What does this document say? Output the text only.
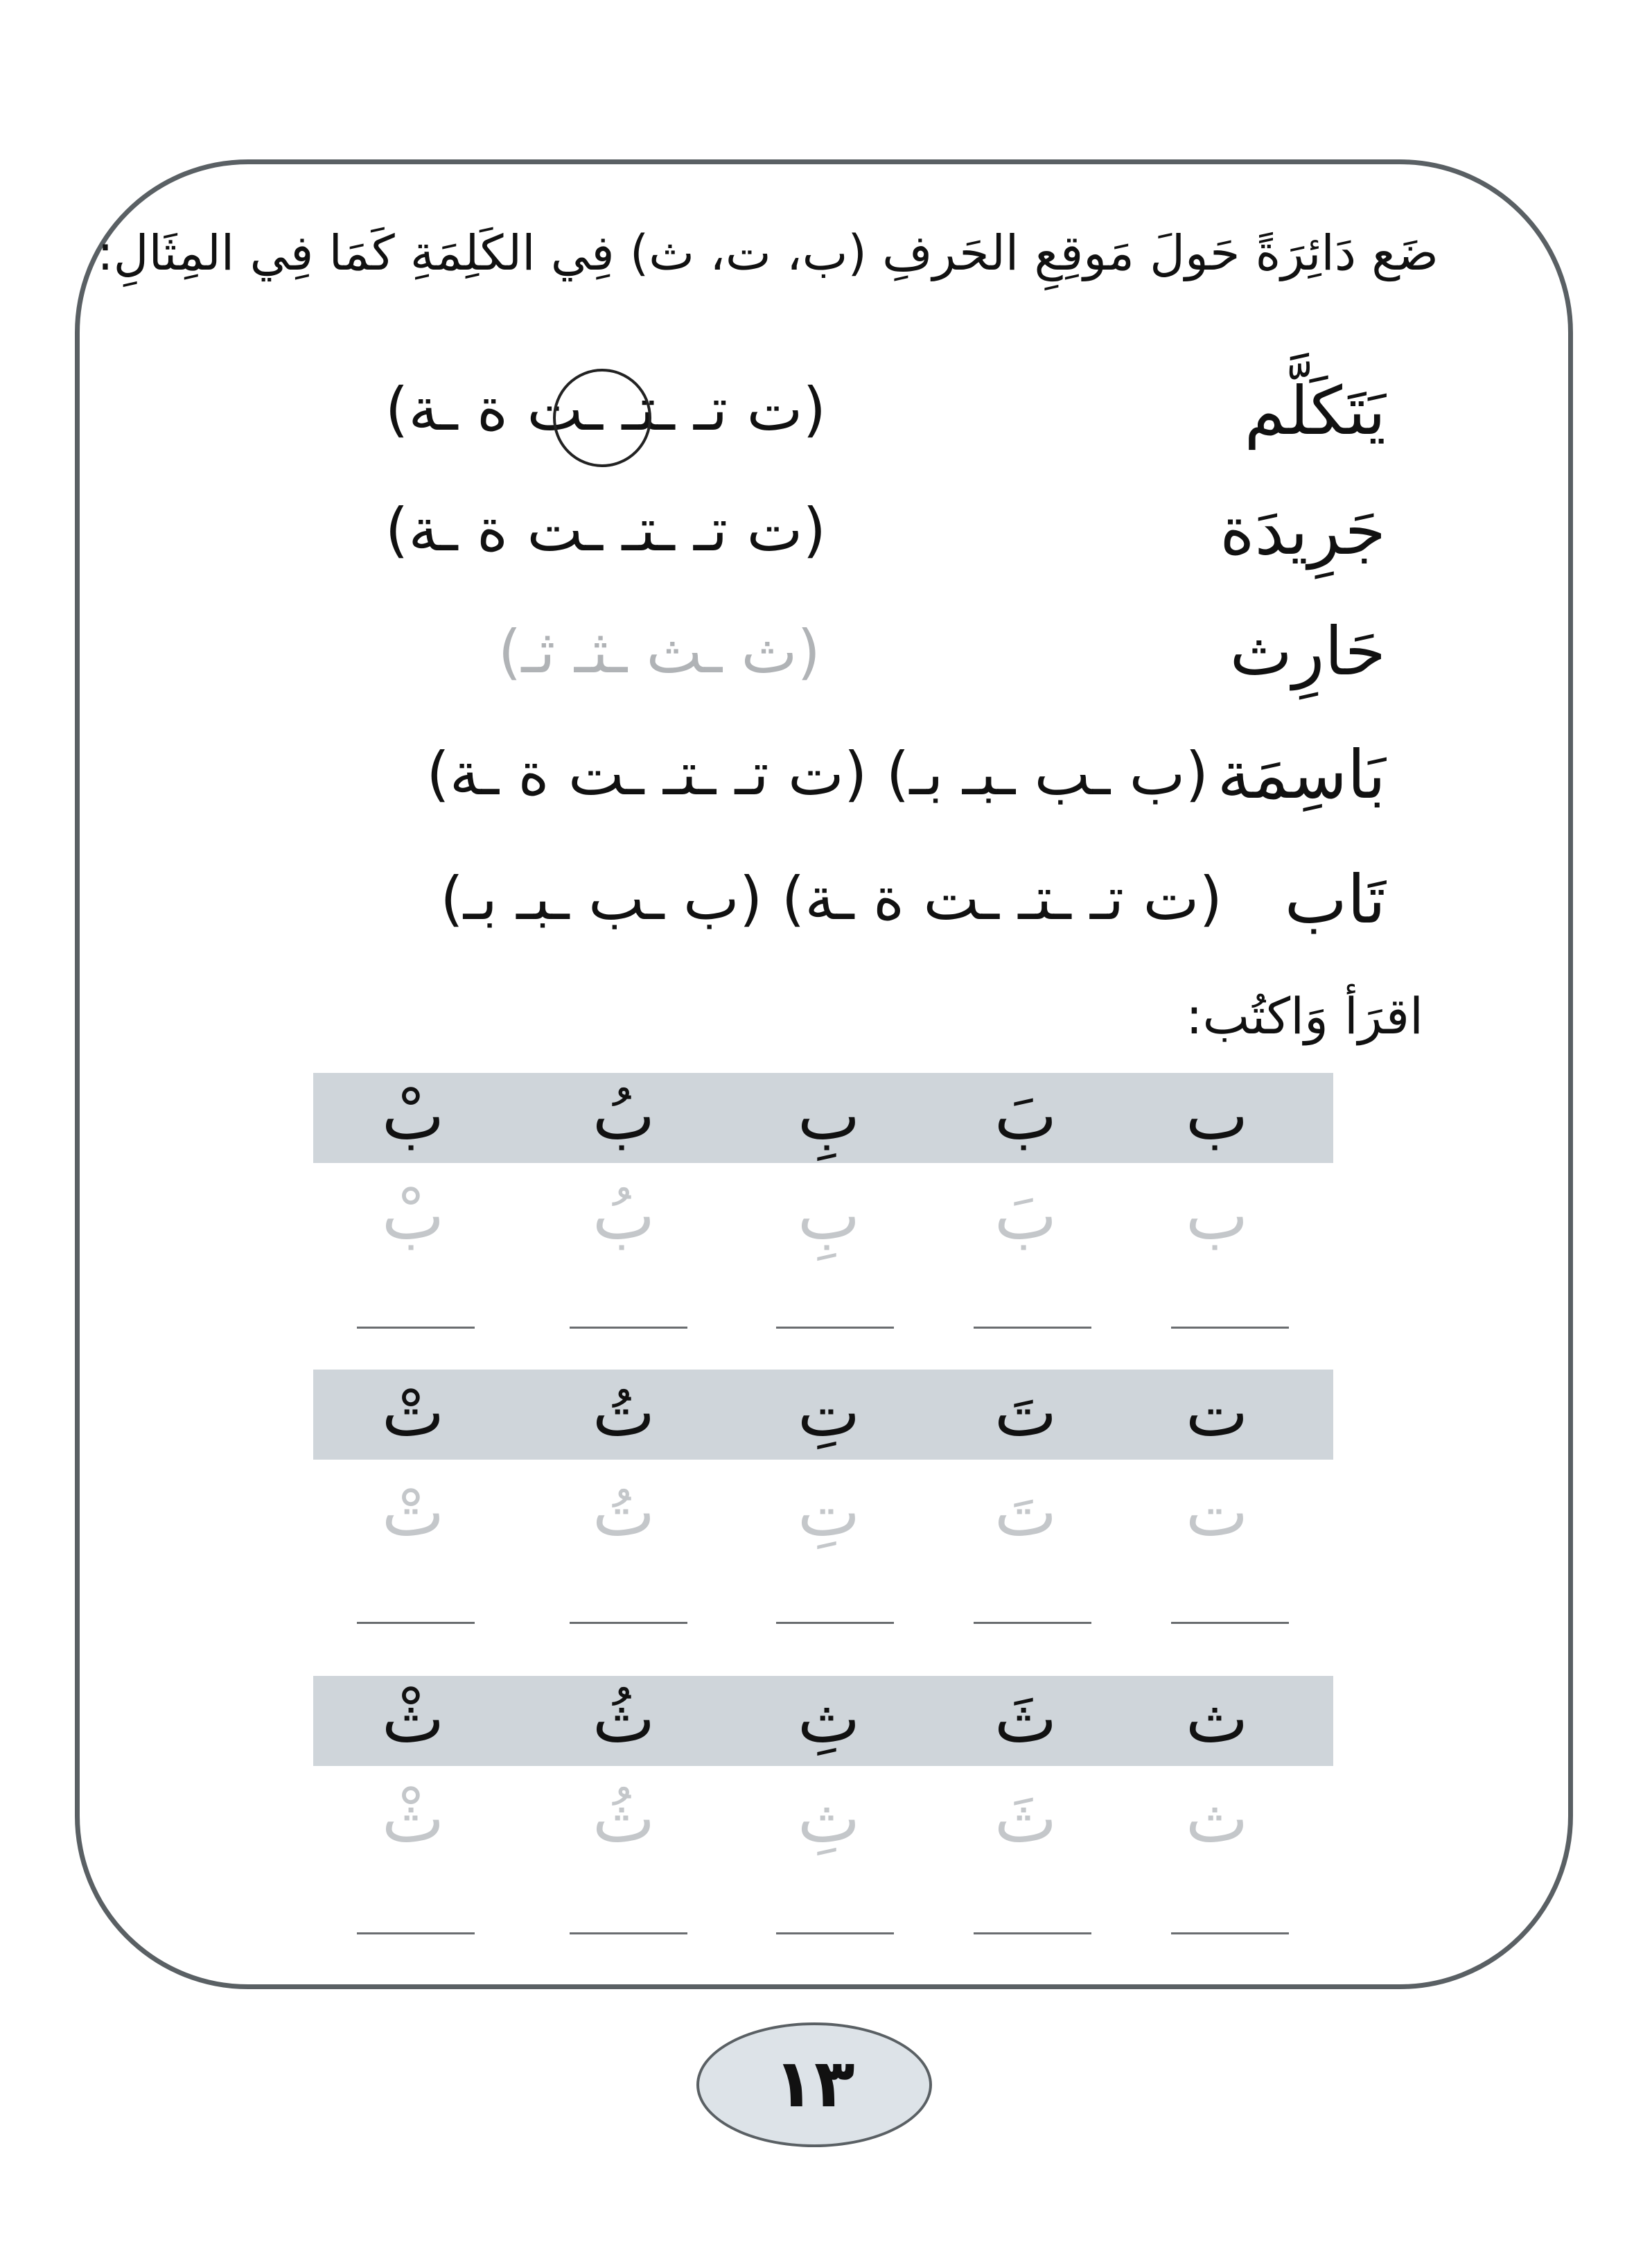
ضَع دَائِرَةً حَولَ مَوقِعِ الحَرفِ (ب، ت، ث) فِي الكَلِمَةِ كَمَا فِي المِثَالِ:
يَتَكَلَّم
(ت تـ ـتـ ـت ة ـة)
جَرِيدَة
(ت تـ ـتـ ـت ة ـة)
حَارِث
(ث ـث ـثـ ثـ)
بَاسِمَة
(ب ـب ـبـ بـ) (ت تـ ـتـ ـت ة ـة)
تَاب
(ت تـ ـتـ ـت ة ـة) (ب ـب ـبـ بـ)
اقرَأ وَاكتُب:
ب
بَ
بِ
بُ
بْ
ب
بَ
بِ
بُ
بْ
ت
تَ
تِ
تُ
تْ
ت
تَ
تِ
تُ
تْ
ث
ثَ
ثِ
ثُ
ثْ
ث
ثَ
ثِ
ثُ
ثْ
١٣
